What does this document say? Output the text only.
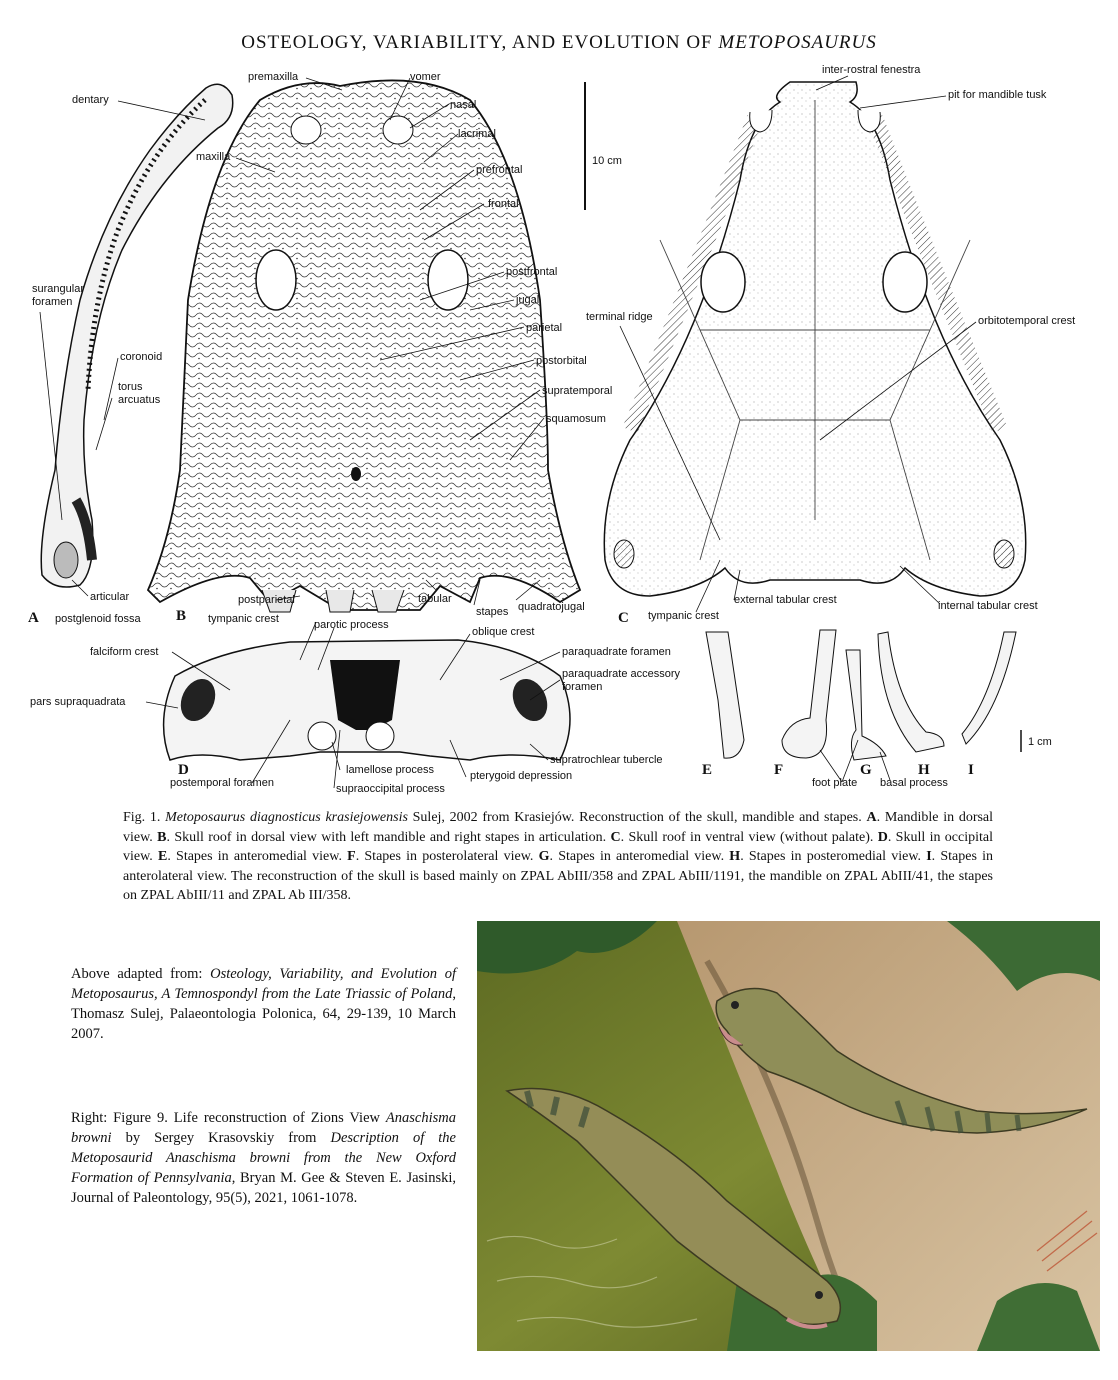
OSTEOLOGY, VARIABILITY, AND EVOLUTION OF METOPOSAURUS
10 cm
1 cm
dentary
maxilla
surangular
foramen
coronoid
torus
arcuatus
articular
postglenoid fossa
premaxilla	vomer
nasal
lacrimal
prefrontal
frontal
postfrontal
jugal
parietal
postorbital
supratemporal
squamosum
postparietal	tabular
stapes quadratojugal
inter-rostral fenestra
pit for mandible tusk
terminal ridge	orbitotemporal crest
tympanic crest
external tabular crest	internal tabular crest
tympanic crest	parotic process
falciform crest
oblique crest
paraquadrate foramen
paraquadrate accessory
foramen
pars supraquadrata
supratrochlear tubercle
lamellose process
postemporal foramen	supraoccipital process
pterygoid depression
foot plate basal process
A	B	C
D	E	F	G	H	I
Fig. 1. Metoposaurus diagnosticus krasiejowensis Sulej, 2002 from Krasiejów. Reconstruction of the skull, mandible and stapes. A. Mandible in dorsal view. B. Skull roof in dorsal view with left mandible and right stapes in articulation. C. Skull roof in ventral view (without palate). D. Skull in occipital view. E. Stapes in anteromedial view. F. Stapes in posterolateral view. G. Stapes in anteromedial view. H. Stapes in posteromedial view. I. Stapes in anterolateral view. The reconstruction of the skull is based mainly on ZPAL AbIII/358 and ZPAL AbIII/1191, the mandible on ZPAL AbIII/41, the stapes on ZPAL AbIII/11 and ZPAL Ab III/358.
Above adapted from: Osteology, Variability, and Evolution of Metoposaurus, A Temnospondyl from the Late Triassic of Poland, Thomasz Sulej, Palaeontologia Polonica, 64, 29-139, 10 March 2007.
Right: Figure 9. Life reconstruction of Zions View Anaschisma browni by Sergey Krasovskiy from Description of the Metoposaurid Anaschisma browni from the New Oxford Formation of Pennsylvania, Bryan M. Gee & Steven E. Jasinski, Journal of Paleontology, 95(5), 2021, 1061-1078.
